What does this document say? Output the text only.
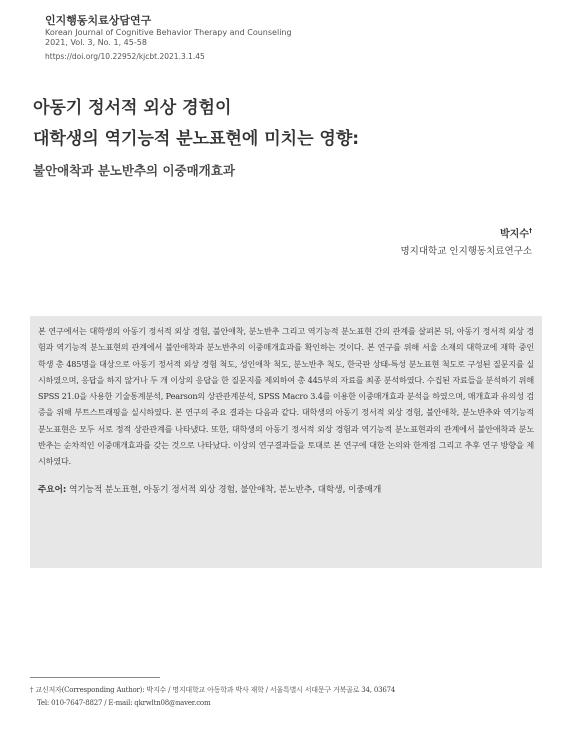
인지행동치료상담연구
Korean Journal of Cognitive Behavior Therapy and Counseling
2021, Vol. 3, No. 1, 45-58
https://doi.org/10.22952/kjcbt.2021.3.1.45
아동기 정서적 외상 경험이
대학생의 역기능적 분노표현에 미치는 영향:
불안애착과 분노반추의 이중매개효과
박지수†
명지대학교 인지행동치료연구소
본 연구에서는 대학생의 아동기 정서적 외상 경험, 불안애착, 분노반추 그리고 역기능적 분노표현 간의 관계를 살펴본 뒤, 아동기 정서적 외상 경험과 역기능적 분노표현의 관계에서 불안애착과 분노반추의 이중매개효과를 확인하는 것이다. 본 연구를 위해 서울 소재의 대학교에 재학 중인 학생 총 485명을 대상으로 아동기 정서적 외상 경험 척도, 성인애착 척도, 분노반추 척도, 한국판 상태-특성 분노표현 척도로 구성된 질문지를 실시하였으며, 응답을 하지 않거나 두 개 이상의 응답을 한 질문지를 제외하여 총 445부의 자료를 최종 분석하였다. 수집된 자료들을 분석하기 위해 SPSS 21.0을 사용한 기술통계분석, Pearson의 상관관계분석, SPSS Macro 3.4를 이용한 이중매개효과 분석을 하였으며, 매개효과 유의성 검증을 위해 부트스트래핑을 실시하였다. 본 연구의 주요 결과는 다음과 같다. 대학생의 아동기 정서적 외상 경험, 불안애착, 분노반추와 역기능적 분노표현은 모두 서로 정적 상관관계를 나타냈다. 또한, 대학생의 아동기 정서적 외상 경험과 역기능적 분노표현과의 관계에서 불안애착과 분노반추는 순차적인 이중매개효과를 갖는 것으로 나타났다. 이상의 연구결과들을 토대로 본 연구에 대한 논의와 한계점 그리고 추후 연구 방향을 제시하였다.
주요어: 역기능적 분노표현, 아동기 정서적 외상 경험, 불안애착, 분노반추, 대학생, 이중매개
† 교신저자(Corresponding Author): 박지수 / 명지대학교 아동학과 박사 재학 / 서울특별시 서대문구 거북골로 34, 03674
Tel: 010-7647-8827 / E-mail: qkrwltn08@naver.com
